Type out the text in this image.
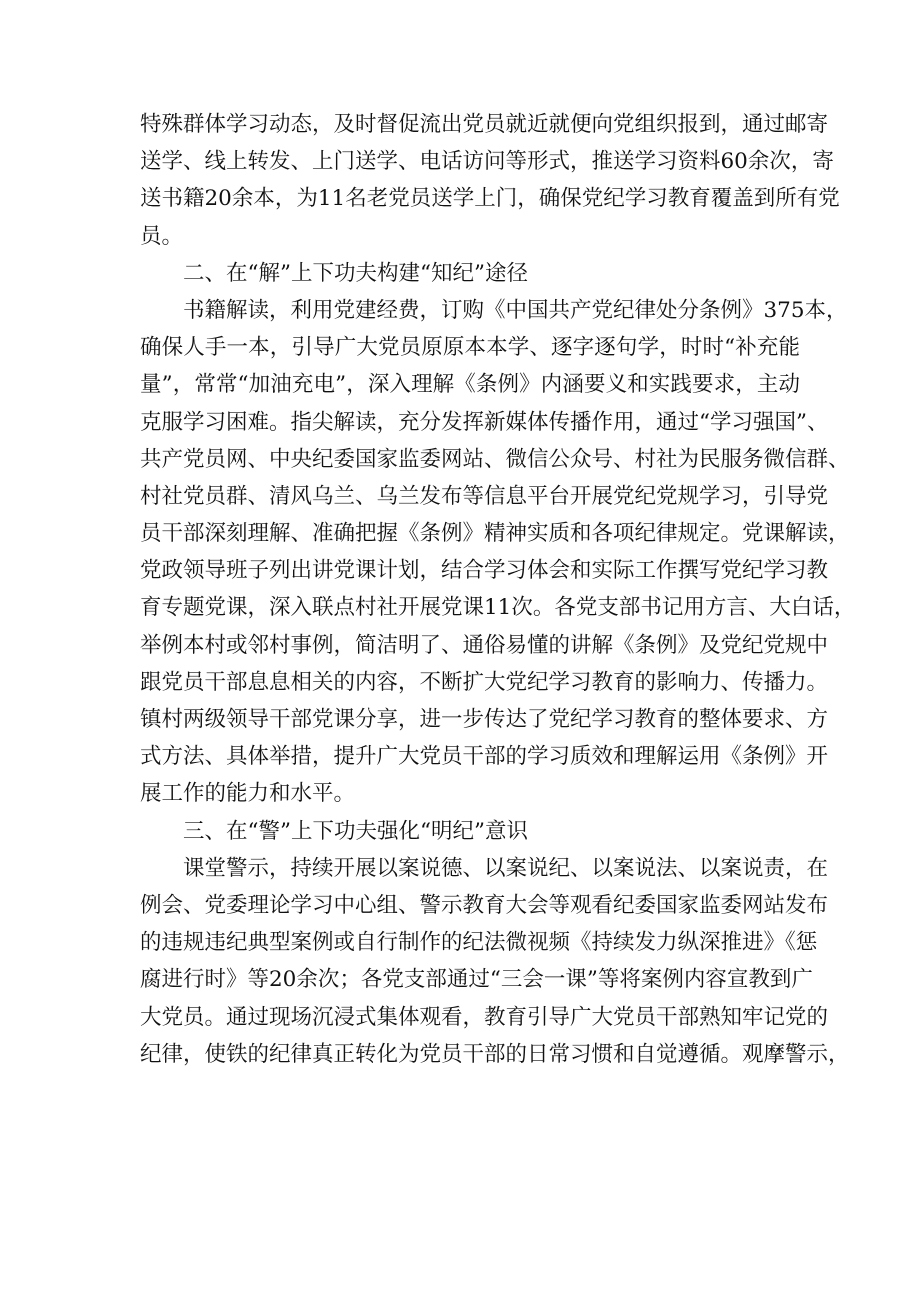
特殊群体学习动态，及时督促流出党员就近就便向党组织报到，通过邮寄
送学、线上转发、上门送学、电话访问等形式，推送学习资料60余次，寄
送书籍20余本，为11名老党员送学上门，确保党纪学习教育覆盖到所有党
员。
二、在“解”上下功夫构建“知纪”途径
书籍解读，利用党建经费，订购《中国共产党纪律处分条例》375本，
确保人手一本，引导广大党员原原本本学、逐字逐句学，时时“补充能
量”，常常“加油充电”，深入理解《条例》内涵要义和实践要求，主动
克服学习困难。指尖解读，充分发挥新媒体传播作用，通过“学习强国”、
共产党员网、中央纪委国家监委网站、微信公众号、村社为民服务微信群、
村社党员群、清风乌兰、乌兰发布等信息平台开展党纪党规学习，引导党
员干部深刻理解、准确把握《条例》精神实质和各项纪律规定。党课解读，
党政领导班子列出讲党课计划，结合学习体会和实际工作撰写党纪学习教
育专题党课，深入联点村社开展党课11次。各党支部书记用方言、大白话，
举例本村或邻村事例，简洁明了、通俗易懂的讲解《条例》及党纪党规中
跟党员干部息息相关的内容，不断扩大党纪学习教育的影响力、传播力。
镇村两级领导干部党课分享，进一步传达了党纪学习教育的整体要求、方
式方法、具体举措，提升广大党员干部的学习质效和理解运用《条例》开
展工作的能力和水平。
三、在“警”上下功夫强化“明纪”意识
课堂警示，持续开展以案说德、以案说纪、以案说法、以案说责，在
例会、党委理论学习中心组、警示教育大会等观看纪委国家监委网站发布
的违规违纪典型案例或自行制作的纪法微视频《持续发力纵深推进》《惩
腐进行时》等20余次；各党支部通过“三会一课”等将案例内容宣教到广
大党员。通过现场沉浸式集体观看，教育引导广大党员干部熟知牢记党的
纪律，使铁的纪律真正转化为党员干部的日常习惯和自觉遵循。观摩警示，
